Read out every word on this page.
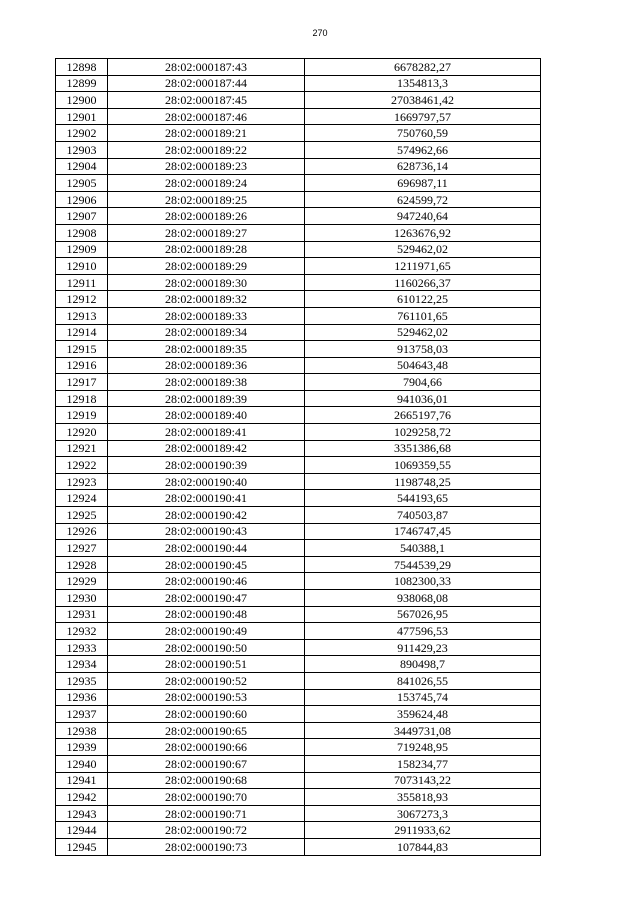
270
12898	28:02:000187:43	6678282,27
12899	28:02:000187:44	1354813,3
12900	28:02:000187:45	27038461,42
12901	28:02:000187:46	1669797,57
12902	28:02:000189:21	750760,59
12903	28:02:000189:22	574962,66
12904	28:02:000189:23	628736,14
12905	28:02:000189:24	696987,11
12906	28:02:000189:25	624599,72
12907	28:02:000189:26	947240,64
12908	28:02:000189:27	1263676,92
12909	28:02:000189:28	529462,02
12910	28:02:000189:29	1211971,65
12911	28:02:000189:30	1160266,37
12912	28:02:000189:32	610122,25
12913	28:02:000189:33	761101,65
12914	28:02:000189:34	529462,02
12915	28:02:000189:35	913758,03
12916	28:02:000189:36	504643,48
12917	28:02:000189:38	7904,66
12918	28:02:000189:39	941036,01
12919	28:02:000189:40	2665197,76
12920	28:02:000189:41	1029258,72
12921	28:02:000189:42	3351386,68
12922	28:02:000190:39	1069359,55
12923	28:02:000190:40	1198748,25
12924	28:02:000190:41	544193,65
12925	28:02:000190:42	740503,87
12926	28:02:000190:43	1746747,45
12927	28:02:000190:44	540388,1
12928	28:02:000190:45	7544539,29
12929	28:02:000190:46	1082300,33
12930	28:02:000190:47	938068,08
12931	28:02:000190:48	567026,95
12932	28:02:000190:49	477596,53
12933	28:02:000190:50	911429,23
12934	28:02:000190:51	890498,7
12935	28:02:000190:52	841026,55
12936	28:02:000190:53	153745,74
12937	28:02:000190:60	359624,48
12938	28:02:000190:65	3449731,08
12939	28:02:000190:66	719248,95
12940	28:02:000190:67	158234,77
12941	28:02:000190:68	7073143,22
12942	28:02:000190:70	355818,93
12943	28:02:000190:71	3067273,3
12944	28:02:000190:72	2911933,62
12945	28:02:000190:73	107844,83
